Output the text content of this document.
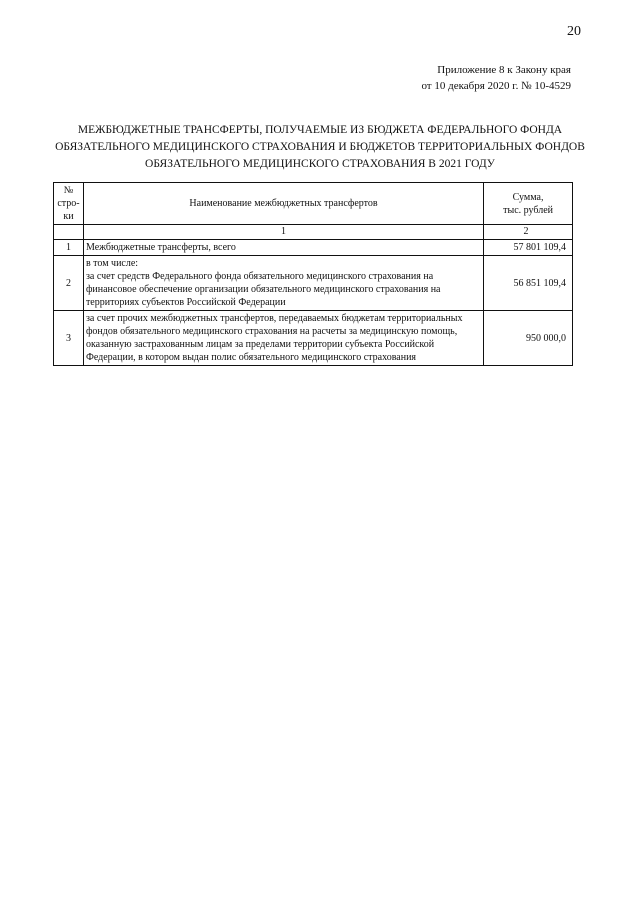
20
Приложение 8 к Закону края
от 10 декабря 2020 г. № 10-4529
МЕЖБЮДЖЕТНЫЕ ТРАНСФЕРТЫ, ПОЛУЧАЕМЫЕ ИЗ БЮДЖЕТА ФЕДЕРАЛЬНОГО ФОНДА
ОБЯЗАТЕЛЬНОГО МЕДИЦИНСКОГО СТРАХОВАНИЯ И БЮДЖЕТОВ ТЕРРИТОРИАЛЬНЫХ ФОНДОВ
ОБЯЗАТЕЛЬНОГО МЕДИЦИНСКОГО СТРАХОВАНИЯ В 2021 ГОДУ
№ стро-ки	Наименование межбюджетных трансфертов	Сумма,
тыс. рублей

	1	2
1	Межбюджетные трансферты, всего	57 801 109,4
2	в том числе:
за счет средств Федерального фонда обязательного медицинского страхования на финансовое обеспечение организации обязательного медицинского страхования на территориях субъектов Российской Федерации	56 851 109,4
3	за счет прочих межбюджетных трансфертов, передаваемых бюджетам территориальных фондов обязательного медицинского страхования на расчеты за медицинскую помощь, оказанную застрахованным лицам за пределами территории субъекта Российской Федерации, в котором выдан полис обязательного медицинского страхования	950 000,0
